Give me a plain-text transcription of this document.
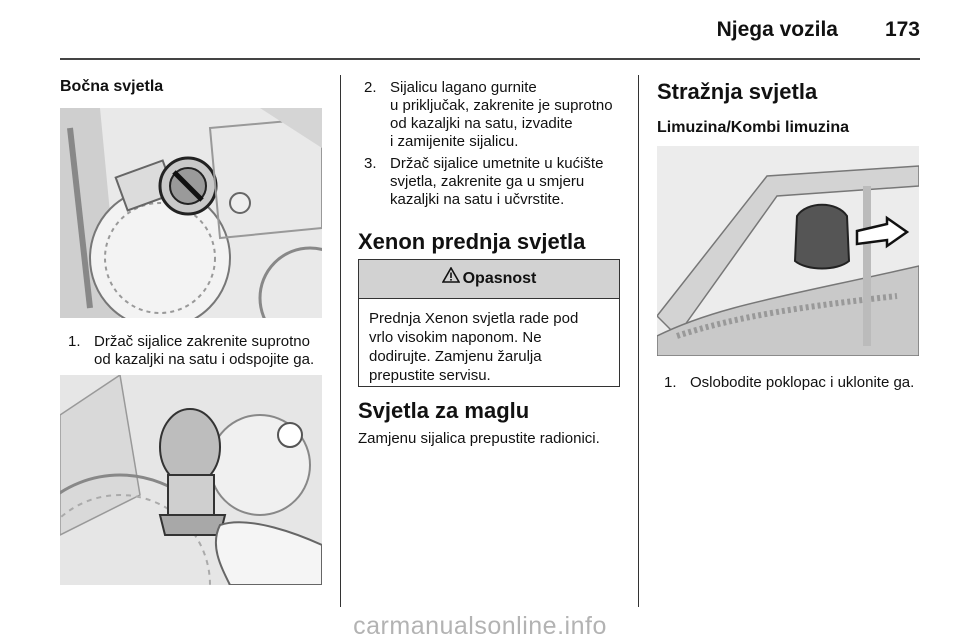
Njega vozila 173
Bočna svjetla
1. Držač sijalice zakrenite suprotno
od kazaljki na satu i odspojite ga.
2. Sijalicu lagano gurnite
u priključak, zakrenite je suprotno
od kazaljki na satu, izvadite
i zamijenite sijalicu.
3. Držač sijalice umetnite u kućište
svjetla, zakrenite ga u smjeru
kazaljki na satu i učvrstite.
Xenon prednja svjetla
Opasnost
Prednja Xenon svjetla rade pod
vrlo visokim naponom. Ne
dodirujte. Zamjenu žarulja
prepustite servisu.
Svjetla za maglu
Zamjenu sijalica prepustite radionici.
Stražnja svjetla
Limuzina/Kombi limuzina
1. Oslobodite poklopac i uklonite ga.
carmanualsonline.info
